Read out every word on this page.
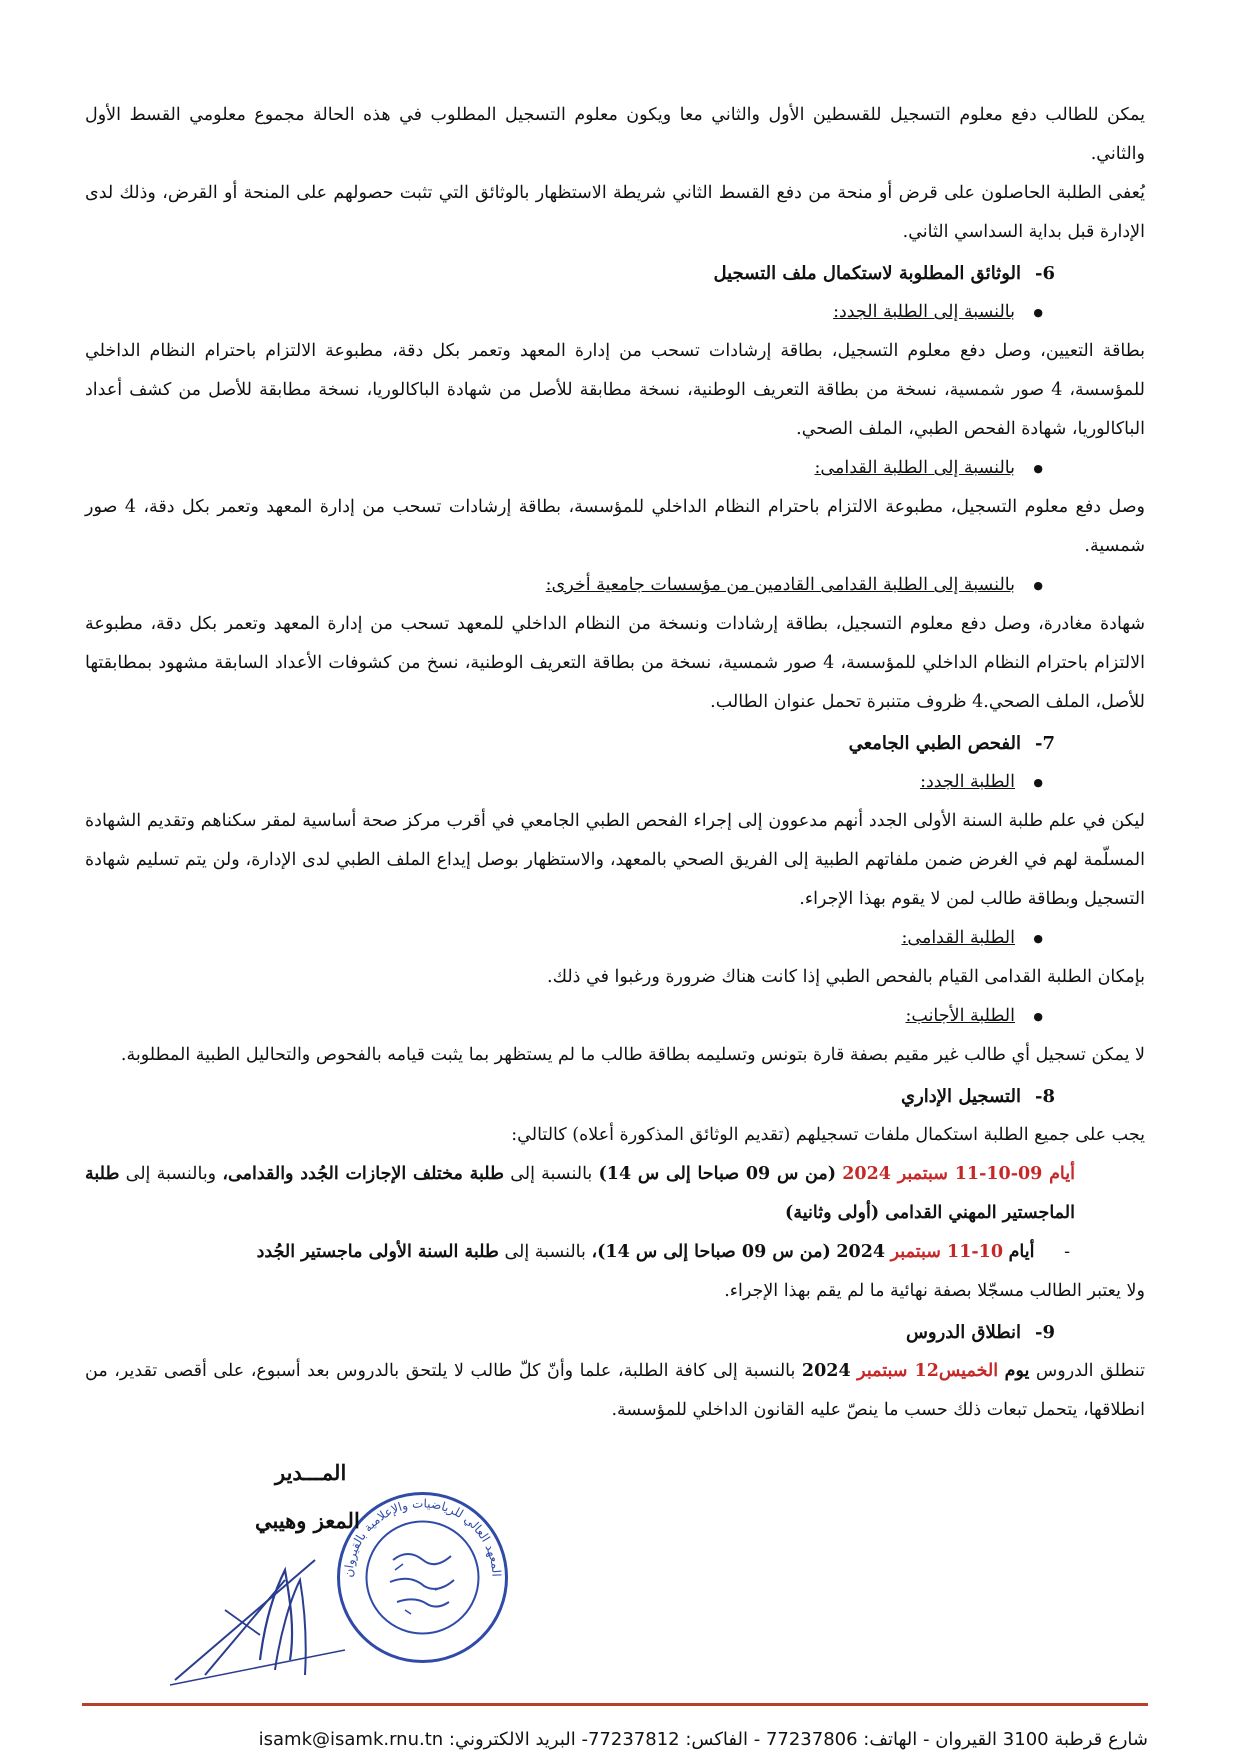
يمكن للطالب دفع معلوم التسجيل للقسطين الأول والثاني معا ويكون معلوم التسجيل المطلوب في هذه الحالة مجموع معلومي القسط الأول والثاني.

يُعفى الطلبة الحاصلون على قرض أو منحة من دفع القسط الثاني شريطة الاستظهار بالوثائق التي تثبت حصولهم على المنحة أو القرض، وذلك لدى الإدارة قبل بداية السداسي الثاني.

6-الوثائق المطلوبة لاستكمال ملف التسجيل

● بالنسبة إلى الطلبة الجدد:

بطاقة التعيين، وصل دفع معلوم التسجيل، بطاقة إرشادات تسحب من إدارة المعهد وتعمر بكل دقة، مطبوعة الالتزام باحترام النظام الداخلي للمؤسسة، 4 صور شمسية، نسخة من بطاقة التعريف الوطنية، نسخة مطابقة للأصل من شهادة الباكالوريا، نسخة مطابقة للأصل من كشف أعداد الباكالوريا، شهادة الفحص الطبي، الملف الصحي.

● بالنسبة إلى الطلبة القدامى:

وصل دفع معلوم التسجيل، مطبوعة الالتزام باحترام النظام الداخلي للمؤسسة، بطاقة إرشادات تسحب من إدارة المعهد وتعمر بكل دقة، 4 صور شمسية.

● بالنسبة إلى الطلبة القدامى القادمين من مؤسسات جامعية أخرى:

شهادة مغادرة، وصل دفع معلوم التسجيل، بطاقة إرشادات ونسخة من النظام الداخلي للمعهد تسحب من إدارة المعهد وتعمر بكل دقة، مطبوعة الالتزام باحترام النظام الداخلي للمؤسسة، 4 صور شمسية، نسخة من بطاقة التعريف الوطنية، نسخ من كشوفات الأعداد السابقة مشهود بمطابقتها للأصل، الملف الصحي.4 ظروف متنبرة تحمل عنوان الطالب.

7-الفحص الطبي الجامعي

● الطلبة الجدد:

ليكن في علم طلبة السنة الأولى الجدد أنهم مدعوون إلى إجراء الفحص الطبي الجامعي في أقرب مركز صحة أساسية لمقر سكناهم وتقديم الشهادة المسلّمة لهم في الغرض ضمن ملفاتهم الطبية إلى الفريق الصحي بالمعهد، والاستظهار بوصل إيداع الملف الطبي لدى الإدارة، ولن يتم تسليم شهادة التسجيل وبطاقة طالب لمن لا يقوم بهذا الإجراء.

● الطلبة القدامى:

بإمكان الطلبة القدامى القيام بالفحص الطبي إذا كانت هناك ضرورة ورغبوا في ذلك.

● الطلبة الأجانب:

لا يمكن تسجيل أي طالب غير مقيم بصفة قارة بتونس وتسليمه بطاقة طالب ما لم يستظهر بما يثبت قيامه بالفحوص والتحاليل الطبية المطلوبة.

8-التسجيل الإداري

يجب على جميع الطلبة استكمال ملفات تسجيلهم (تقديم الوثائق المذكورة أعلاه) كالتالي:

أيام 09-10-11 سبتمبر 2024 (من س 09 صباحا إلى س 14) بالنسبة إلى طلبة مختلف الإجازات الجُدد والقدامى، وبالنسبة إلى طلبة الماجستير المهني القدامى (أولى وثانية)

- أيام 10-11 سبتمبر 2024 (من س 09 صباحا إلى س 14)، بالنسبة إلى طلبة السنة الأولى ماجستير الجُدد

ولا يعتبر الطالب مسجّلا بصفة نهائية ما لم يقم بهذا الإجراء.

9-انطلاق الدروس

تنطلق الدروس يوم الخميس12 سبتمبر 2024 بالنسبة إلى كافة الطلبة، علما وأنّ كلّ طالب لا يلتحق بالدروس بعد أسبوع، على أقصى تقدير، من انطلاقها، يتحمل تبعات ذلك حسب ما ينصّ عليه القانون الداخلي للمؤسسة.

المعهد العالي للرياضيات والإعلامية بالقيروان
المـــدير
المعز وهيبي
شارع قرطبة 3100 القيروان - الهاتف: 77237806 - الفاكس: 77237812- البريد الالكتروني: isamk@isamk.rnu.tn
